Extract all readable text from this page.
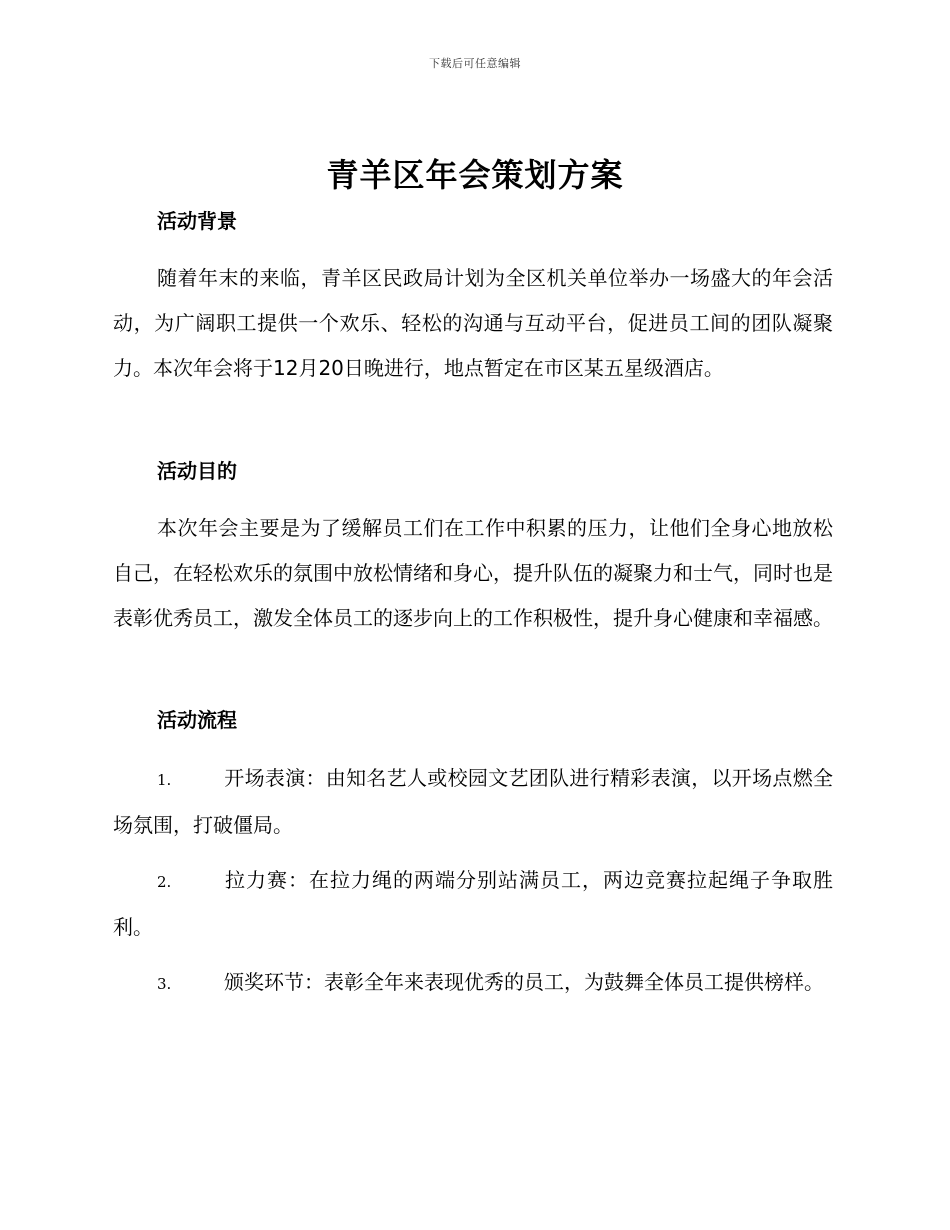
下载后可任意编辑
青羊区年会策划方案
活动背景
随着年末的来临，青羊区民政局计划为全区机关单位举办一场盛大的年会活动，为广阔职工提供一个欢乐、轻松的沟通与互动平台，促进员工间的团队凝聚力。本次年会将于12月20日晚进行，地点暂定在市区某五星级酒店。
活动目的
本次年会主要是为了缓解员工们在工作中积累的压力，让他们全身心地放松自己，在轻松欢乐的氛围中放松情绪和身心，提升队伍的凝聚力和士气，同时也是表彰优秀员工，激发全体员工的逐步向上的工作积极性，提升身心健康和幸福感。
活动流程
1.	开场表演：由知名艺人或校园文艺团队进行精彩表演，以开场点燃全场氛围，打破僵局。
2.	拉力赛：在拉力绳的两端分别站满员工，两边竞赛拉起绳子争取胜利。
3.	颁奖环节：表彰全年来表现优秀的员工，为鼓舞全体员工提供榜样。
